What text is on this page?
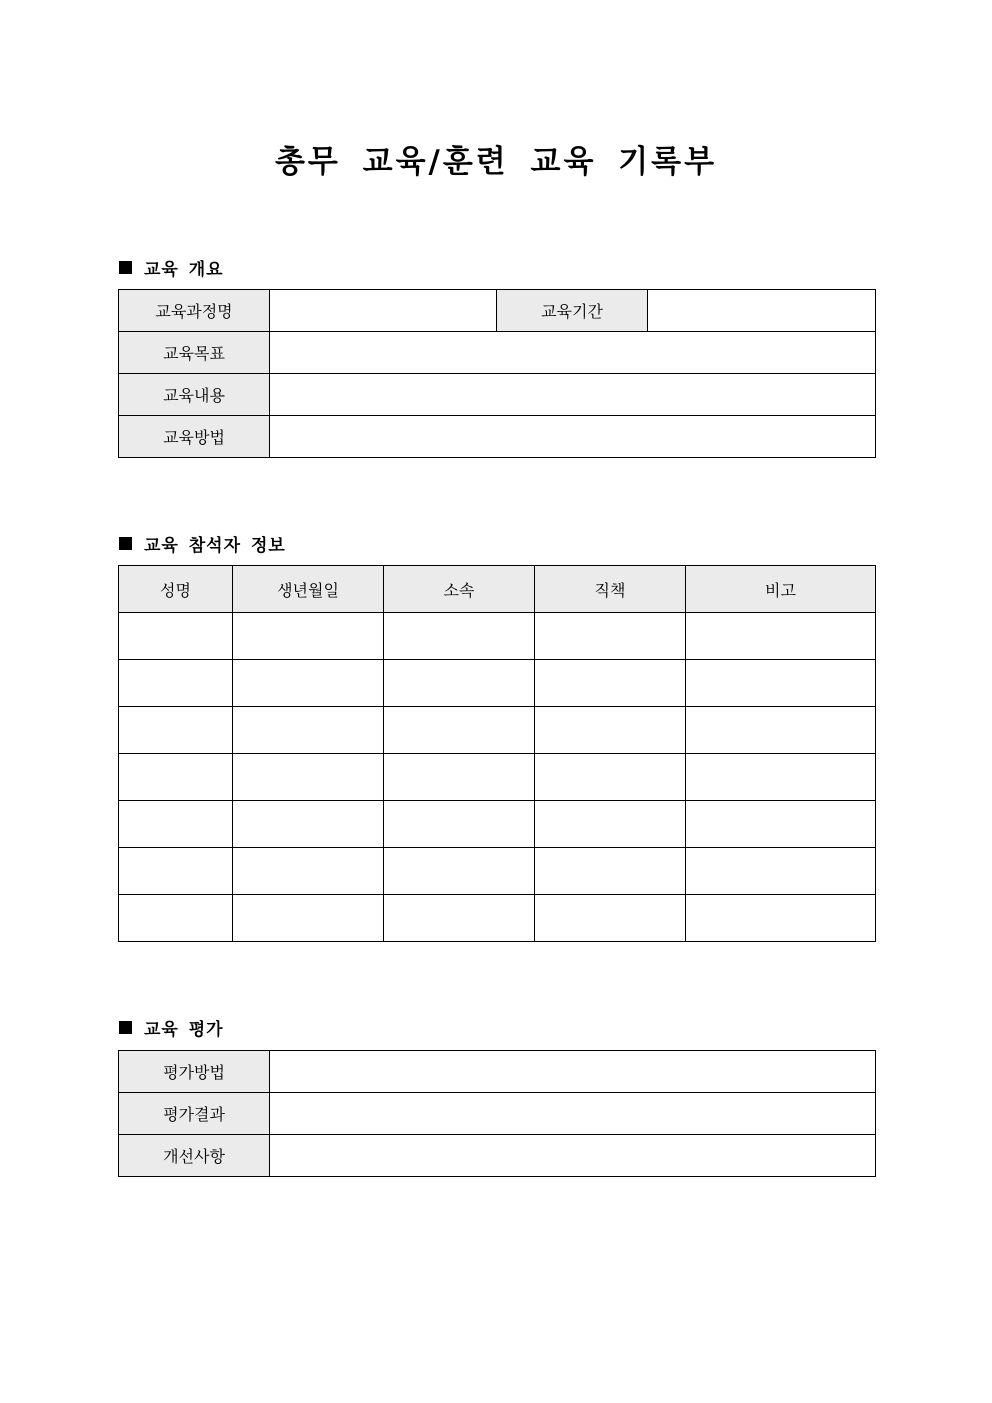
총무 교육/훈련 교육 기록부
교육 개요
교육과정명		교육기간	
교육목표			
교육내용			
교육방법			
교육 참석자 정보
성명	생년월일	소속	직책	비고

교육 평가
평가방법	
평가결과	
개선사항	
